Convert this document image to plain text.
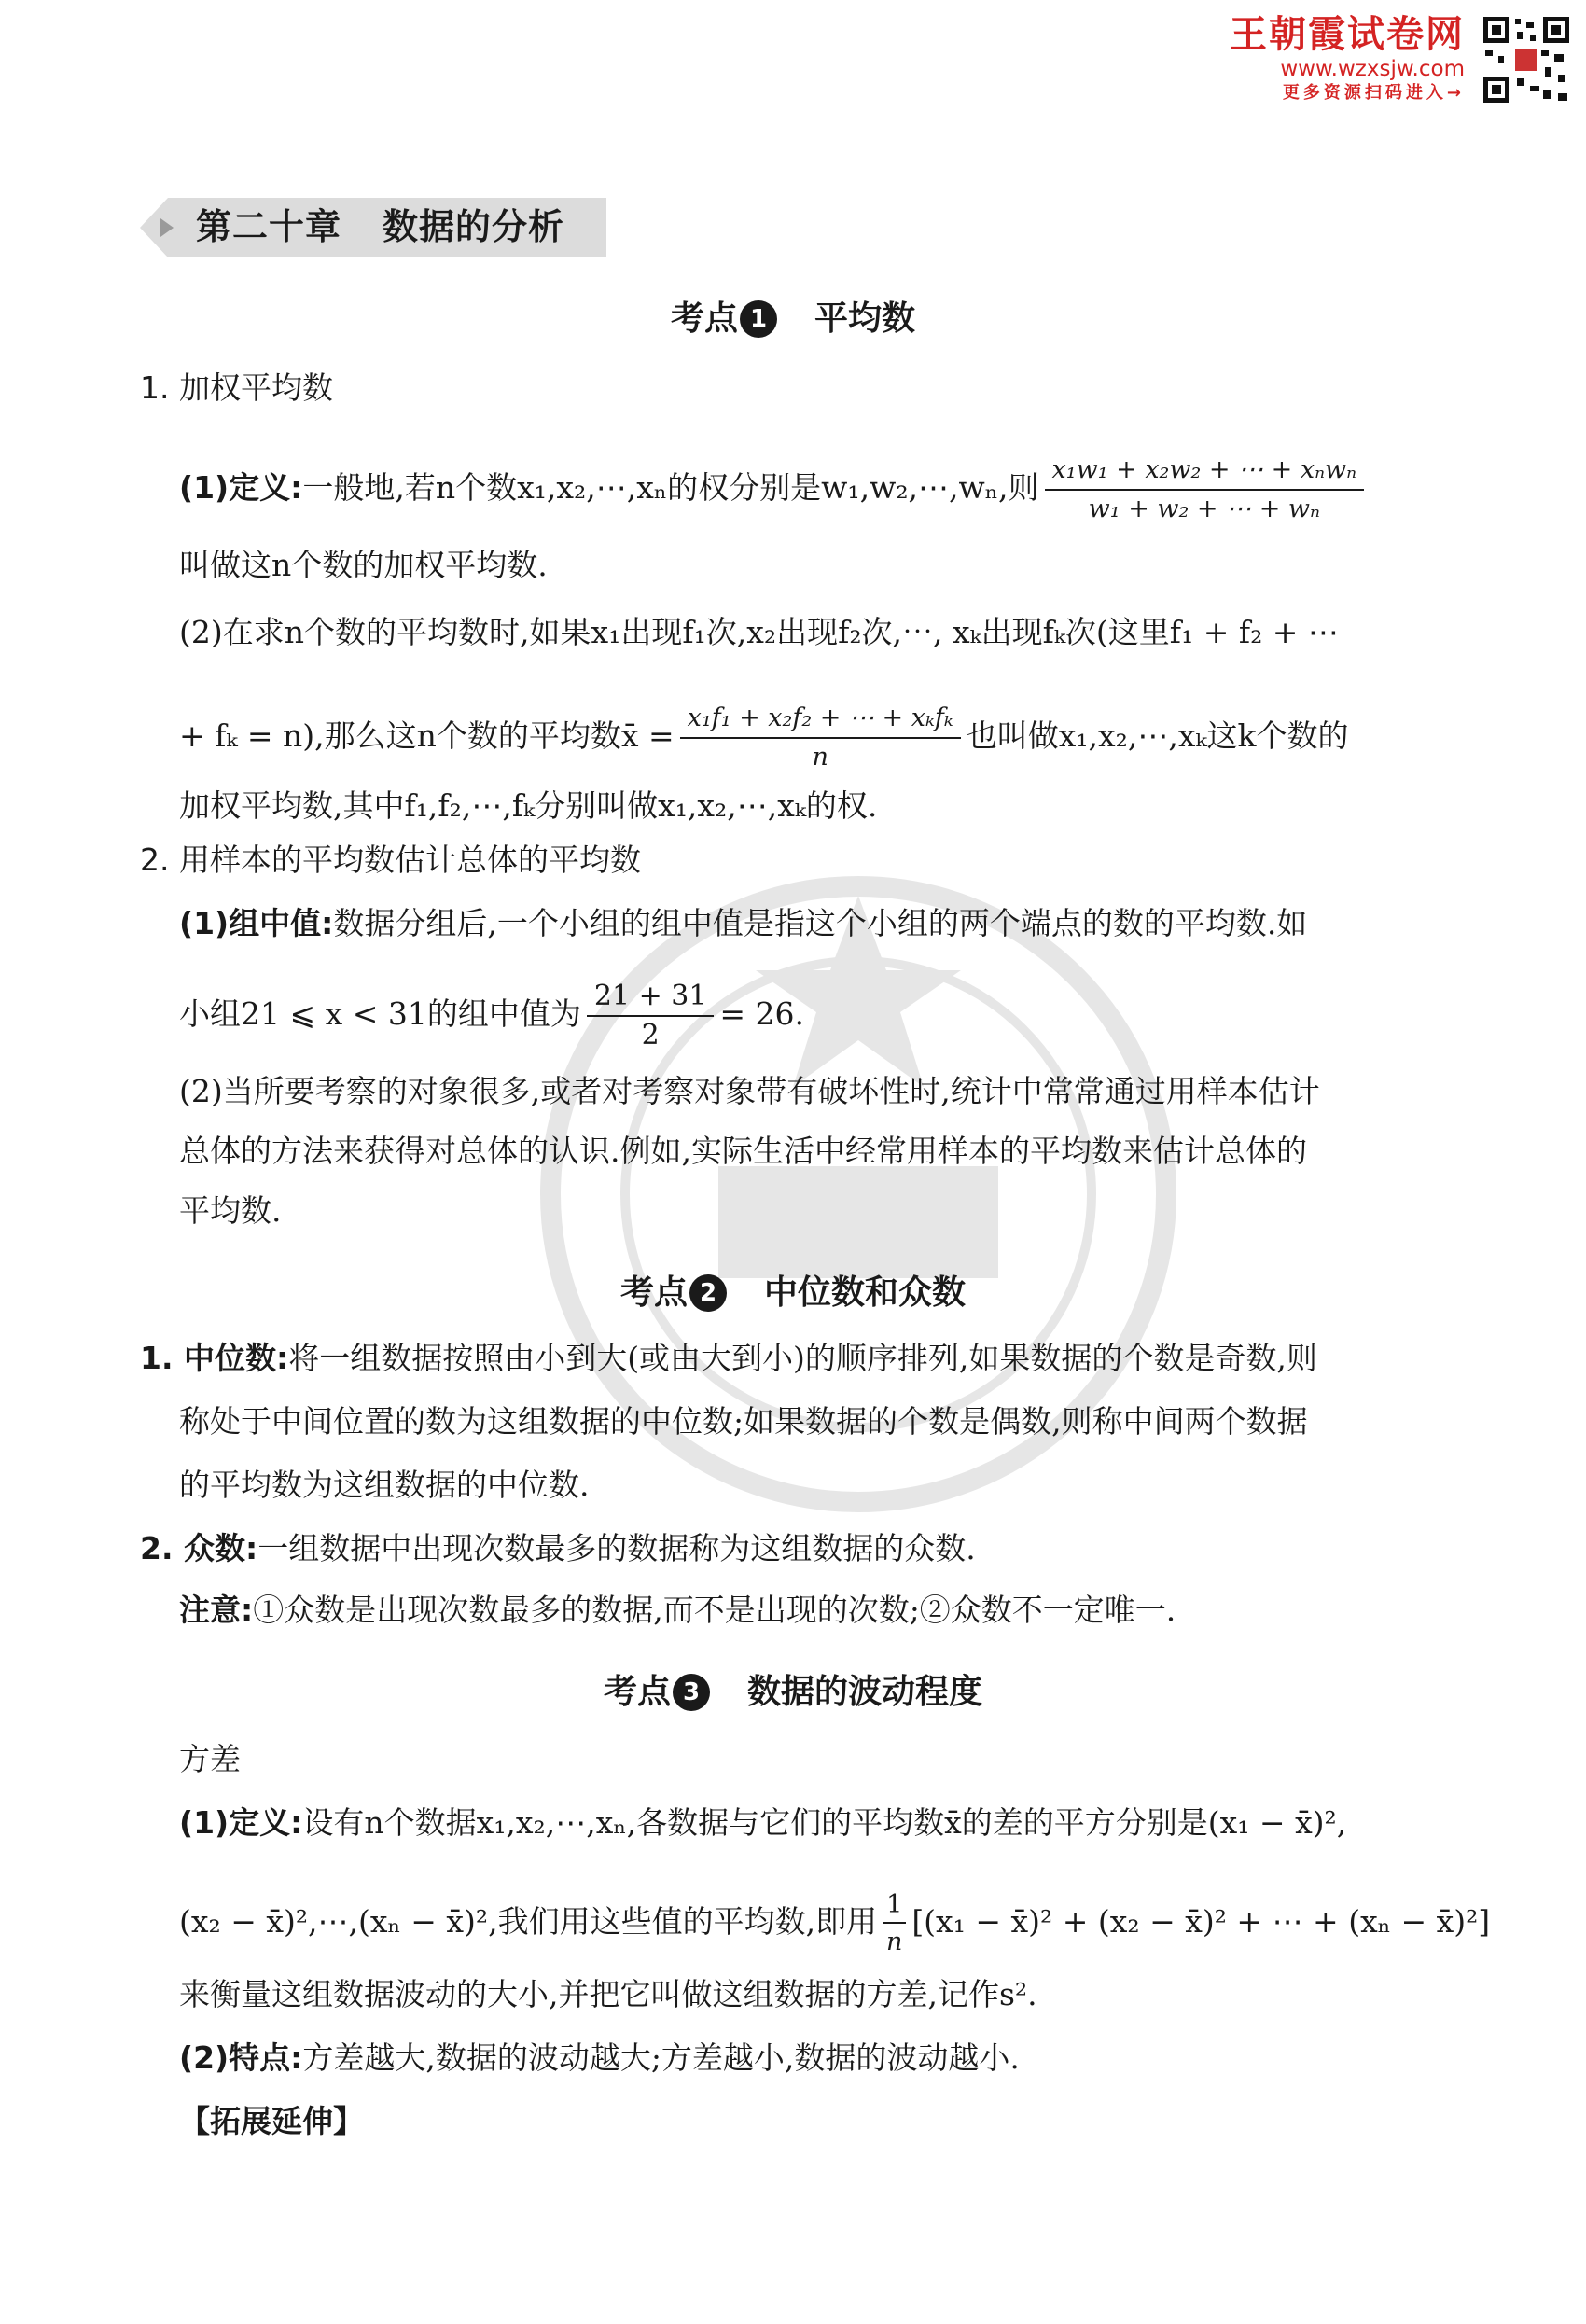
王朝霞试卷网
www.wzxsjw.com
更多资源扫码进入→
第二十章 数据的分析
考点 1 平均数
1. 加权平均数
(1)定义:一般地,若n个数x₁,x₂,⋯,xₙ的权分别是w₁,w₂,⋯,wₙ,则 $\frac{\text{x₁w₁ + x₂w₂ + ⋯ + xₙwₙ}}{\text{w₁ + w₂ + ⋯ + wₙ}}$
叫做这n个数的加权平均数.
(2)在求n个数的平均数时,如果x₁出现f₁次,x₂出现f₂次,⋯, xₖ出现fₖ次(这里f₁ + f₂ + ⋯
+ fₖ = n),那么这n个数的平均数x̄ = $\frac{\text{x₁f₁ + x₂f₂ + ⋯ + xₖfₖ}}{n}$ 也叫做x₁,x₂,⋯,xₖ这k个数的
加权平均数,其中f₁,f₂,⋯,fₖ分别叫做x₁,x₂,⋯,xₖ的权.
2. 用样本的平均数估计总体的平均数
(1)组中值:数据分组后,一个小组的组中值是指这个小组的两个端点的数的平均数.如
小组21 ⩽ x < 31的组中值为 $\frac{21 + 31}{2} = 26$.
(2)当所要考察的对象很多,或者对考察对象带有破坏性时,统计中常常通过用样本估计
总体的方法来获得对总体的认识.例如,实际生活中经常用样本的平均数来估计总体的
平均数.
考点 2 中位数和众数
1. 中位数:将一组数据按照由小到大(或由大到小)的顺序排列,如果数据的个数是奇数,则
称处于中间位置的数为这组数据的中位数;如果数据的个数是偶数,则称中间两个数据
的平均数为这组数据的中位数.
2. 众数:一组数据中出现次数最多的数据称为这组数据的众数.
注意:①众数是出现次数最多的数据,而不是出现的次数;②众数不一定唯一.
考点 3 数据的波动程度
方差
(1)定义:设有n个数据x₁,x₂,⋯,xₙ,各数据与它们的平均数x̄的差的平方分别是(x₁ − x̄)²,
(x₂ − x̄)²,⋯,(xₙ − x̄)²,我们用这些值的平均数,即用 $\frac{1}{n} [(x_1$ − x̄)² + (x₂ − x̄)² + ⋯ + (xₙ − x̄)²]
来衡量这组数据波动的大小,并把它叫做这组数据的方差,记作s².
(2)特点:方差越大,数据的波动越大;方差越小,数据的波动越小.
【拓展延伸】
